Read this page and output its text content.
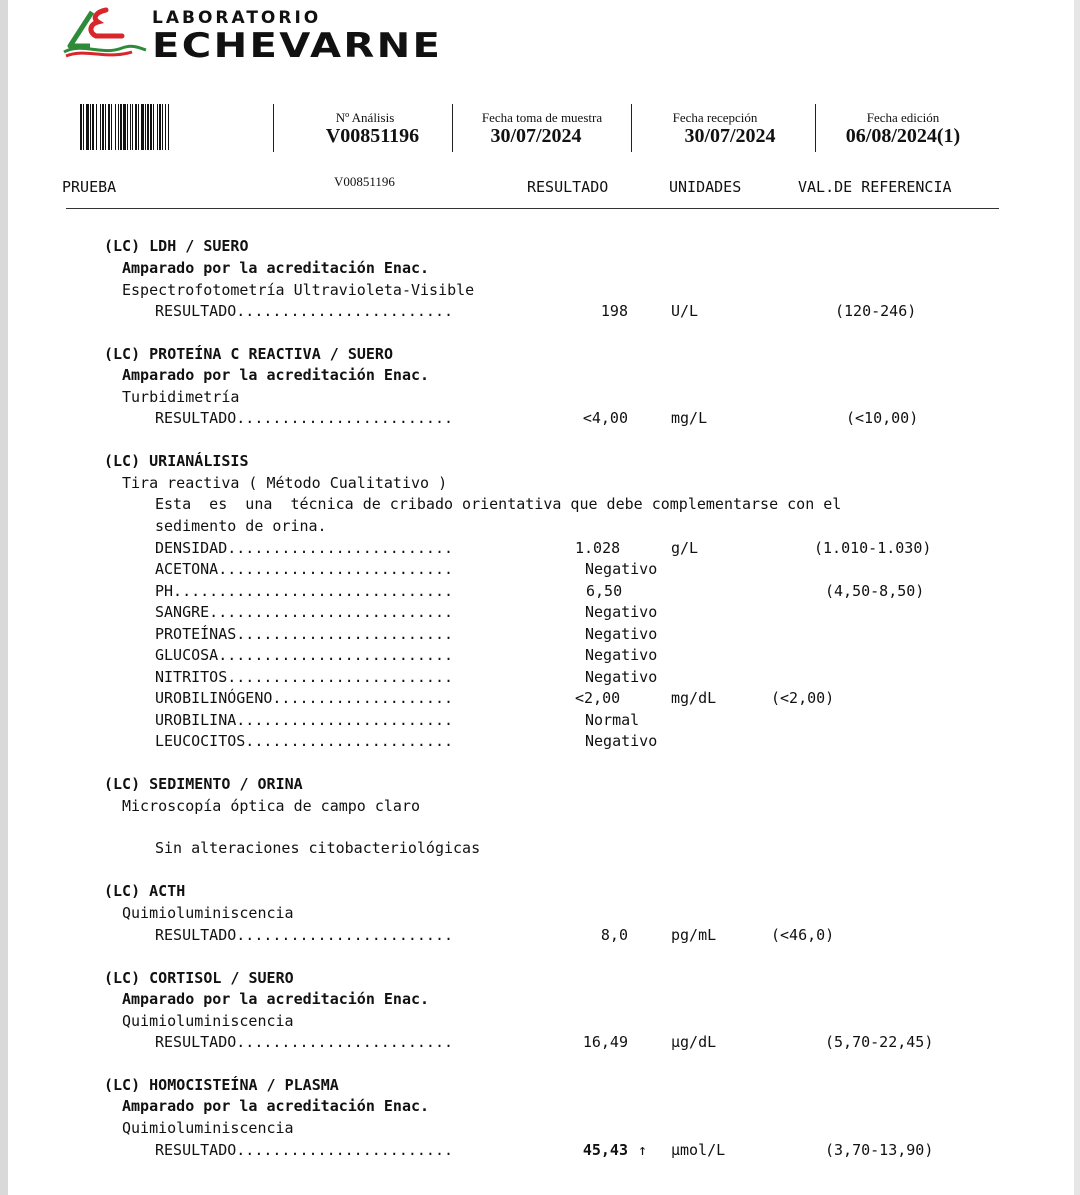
LABORATORIO
ECHEVARNE
Nº Análisis
V00851196
Fecha toma de muestra
30/07/2024
Fecha recepción
30/07/2024
Fecha edición
06/08/2024(1)
V00851196
PRUEBA	RESULTADO	UNIDADES	VAL.DE REFERENCIA
(LC) LDH / SUERO
Amparado por la acreditación Enac.
Espectrofotometría Ultravioleta-Visible
RESULTADO........................	198	U/L	(120-246)
(LC) PROTEÍNA C REACTIVA / SUERO
Amparado por la acreditación Enac.
Turbidimetría
RESULTADO........................	<4,00	mg/L	(<10,00)
(LC) URIANÁLISIS
Tira reactiva ( Método Cualitativo )
Esta  es  una  técnica de cribado orientativa que debe complementarse con el
sedimento de orina.
DENSIDAD.........................	1.028	g/L	(1.010-1.030)
ACETONA..........................	Negativo
PH...............................	6,50	(4,50-8,50)
SANGRE...........................	Negativo
PROTEÍNAS........................	Negativo
GLUCOSA..........................	Negativo
NITRITOS.........................	Negativo
UROBILINÓGENO....................	<2,00	mg/dL	(<2,00)
UROBILINA........................	Normal
LEUCOCITOS.......................	Negativo
(LC) SEDIMENTO / ORINA
Microscopía óptica de campo claro
Sin alteraciones citobacteriológicas
(LC) ACTH
Quimioluminiscencia
RESULTADO........................	8,0	pg/mL	(<46,0)
(LC) CORTISOL / SUERO
Amparado por la acreditación Enac.
Quimioluminiscencia
RESULTADO........................	16,49	µg/dL	(5,70-22,45)
(LC) HOMOCISTEÍNA / PLASMA
Amparado por la acreditación Enac.
Quimioluminiscencia
RESULTADO........................	45,43 ↑ µmol/L	(3,70-13,90)
